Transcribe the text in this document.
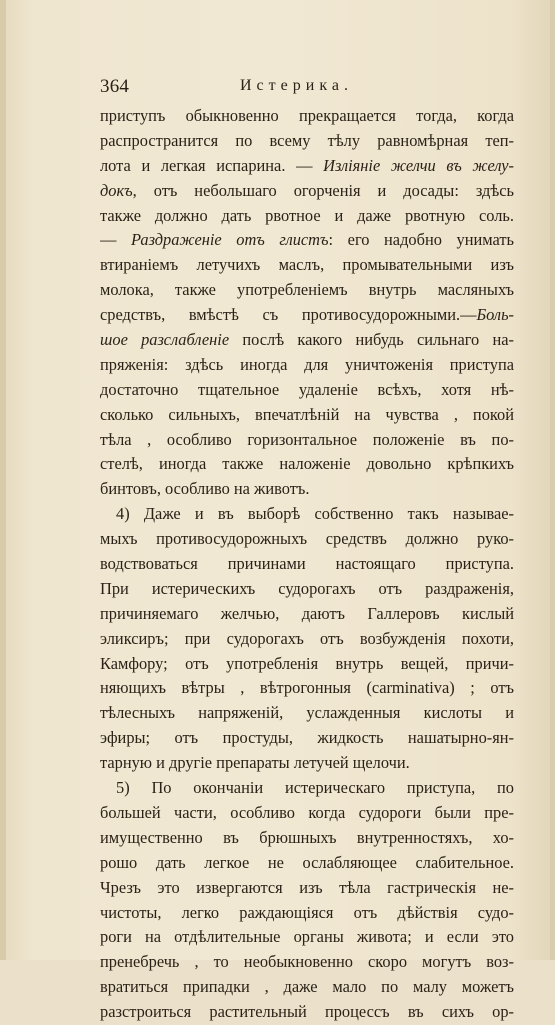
364	Истерика.
приступъ обыкновенно прекращается тогда, когда
распространится по всему тѣлу равномѣрная теп-
лота и легкая испарина. — Изліяніе желчи въ желу-
докъ, отъ небольшаго огорченія и досады: здѣсь
также должно дать рвотное и даже рвотную соль.
— Раздраженіе отъ глистъ: его надобно унимать
втираніемъ летучихъ маслъ, промывательными изъ
молока, также употребленіемъ внутрь масляныхъ
средствъ, вмѣстѣ съ противосудорожными.—Боль-
шое разслабленіе послѣ какого нибудь сильнаго на-
пряженія: здѣсь иногда для уничтоженія приступа
достаточно тщательное удаленіе всѣхъ, хотя нѣ-
сколько сильныхъ, впечатлѣній на чувства , покой
тѣла , особливо горизонтальное положеніе въ по-
стелѣ, иногда также наложеніе довольно крѣпкихъ
бинтовъ, особливо на животъ.
4) Даже и въ выборѣ собственно такъ называе-
мыхъ противосудорожныхъ средствъ должно руко-
водствоваться причинами настоящаго приступа.
При истерическихъ судорогахъ отъ раздраженія,
причиняемаго желчью, даютъ Галлеровъ кислый
эликсиръ; при судорогахъ отъ возбужденія похоти,
Камфору; отъ употребленія внутрь вещей, причи-
няющихъ вѣтры , вѣтрогонныя (carminativa) ; отъ
тѣлесныхъ напряженій, услажденныя кислоты и
эфиры; отъ простуды, жидкость нашатырно-ян-
тарную и другіе препараты летучей щелочи.
5) По окончаніи истерическаго приступа, по
большей части, особливо когда судороги были пре-
имущественно въ брюшныхъ внутренностяхъ, хо-
рошо дать легкое не ослабляющее слабительное.
Чрезъ это извергаются изъ тѣла гастрическія не-
чистоты, легко раждающіяся отъ дѣйствія судо-
роги на отдѣлительные органы живота; и если это
пренебречь , то необыкновенно скоро могутъ воз-
вратиться припадки , даже мало по малу можетъ
разстроиться растительный процессъ въ сихъ ор-
